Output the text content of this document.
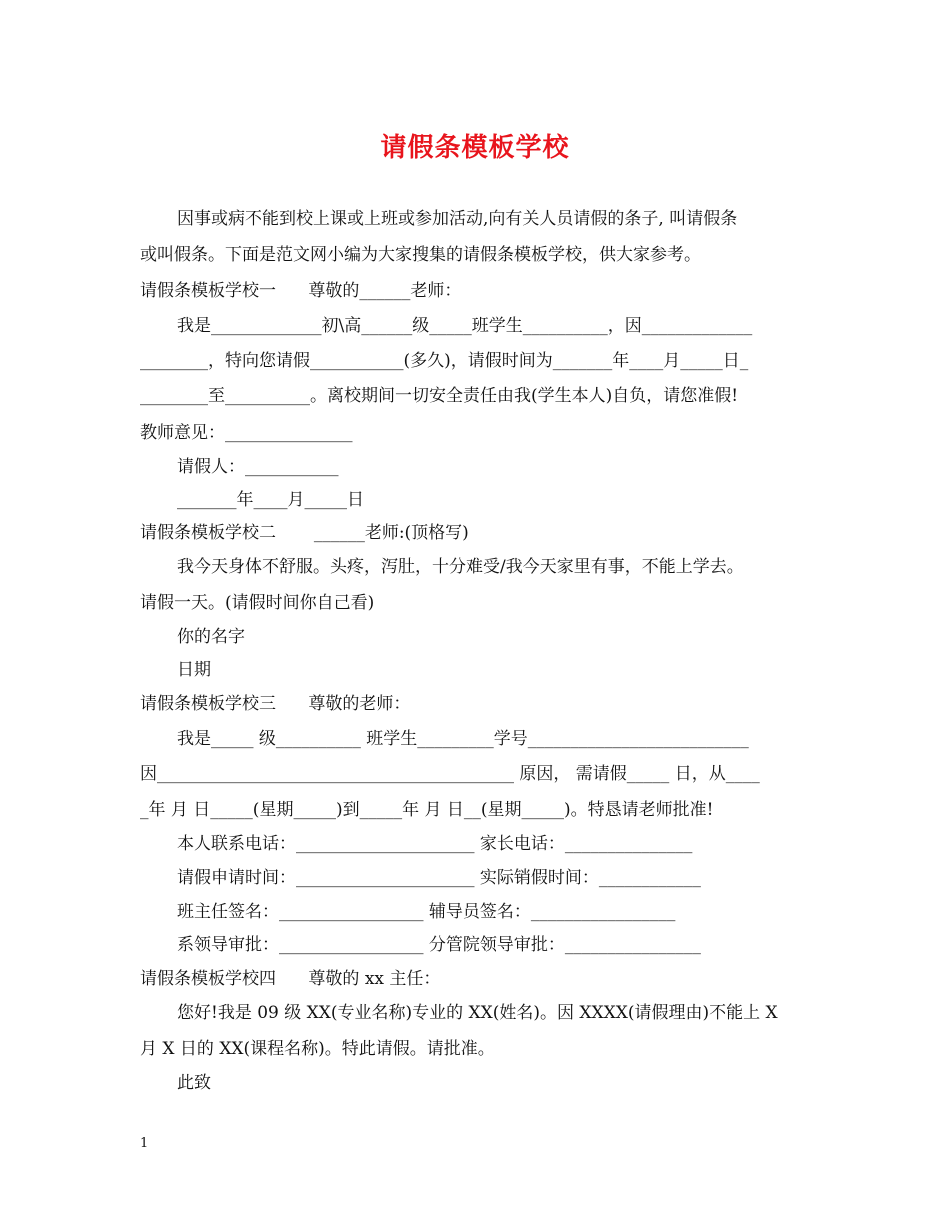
请假条模板学校
因事或病不能到校上课或上班或参加活动,向有关人员请假的条子, 叫请假条
或叫假条。下面是范文网小编为大家搜集的请假条模板学校，供大家参考。
请假条模板学校一      尊敬的______老师：
我是_____________初\高______级_____班学生__________，因_____________
________，特向您请假___________(多久)，请假时间为_______年____月_____日_
________至__________。离校期间一切安全责任由我(学生本人)自负，请您准假!
教师意见：_______________
请假人：___________
_______年____月_____日
请假条模板学校二       ______老师:(顶格写)
我今天身体不舒服。头疼，泻肚，十分难受/我今天家里有事，不能上学去。
请假一天。(请假时间你自己看)
你的名字
日期
请假条模板学校三      尊敬的老师：
我是_____ 级__________ 班学生_________学号__________________________
因__________________________________________ 原因， 需请假_____ 日，从____
_年 月 日_____(星期_____)到_____年 月 日__(星期_____)。特恳请老师批准!
本人联系电话：_____________________ 家长电话：_______________
请假申请时间：_____________________ 实际销假时间：____________
班主任签名：_________________ 辅导员签名：_________________
系领导审批：_________________ 分管院领导审批：________________
请假条模板学校四      尊敬的 xx 主任：
您好!我是 09 级 XX(专业名称)专业的 XX(姓名)。因 XXXX(请假理由)不能上 X
月 X 日的 XX(课程名称)。特此请假。请批准。
此致
1
